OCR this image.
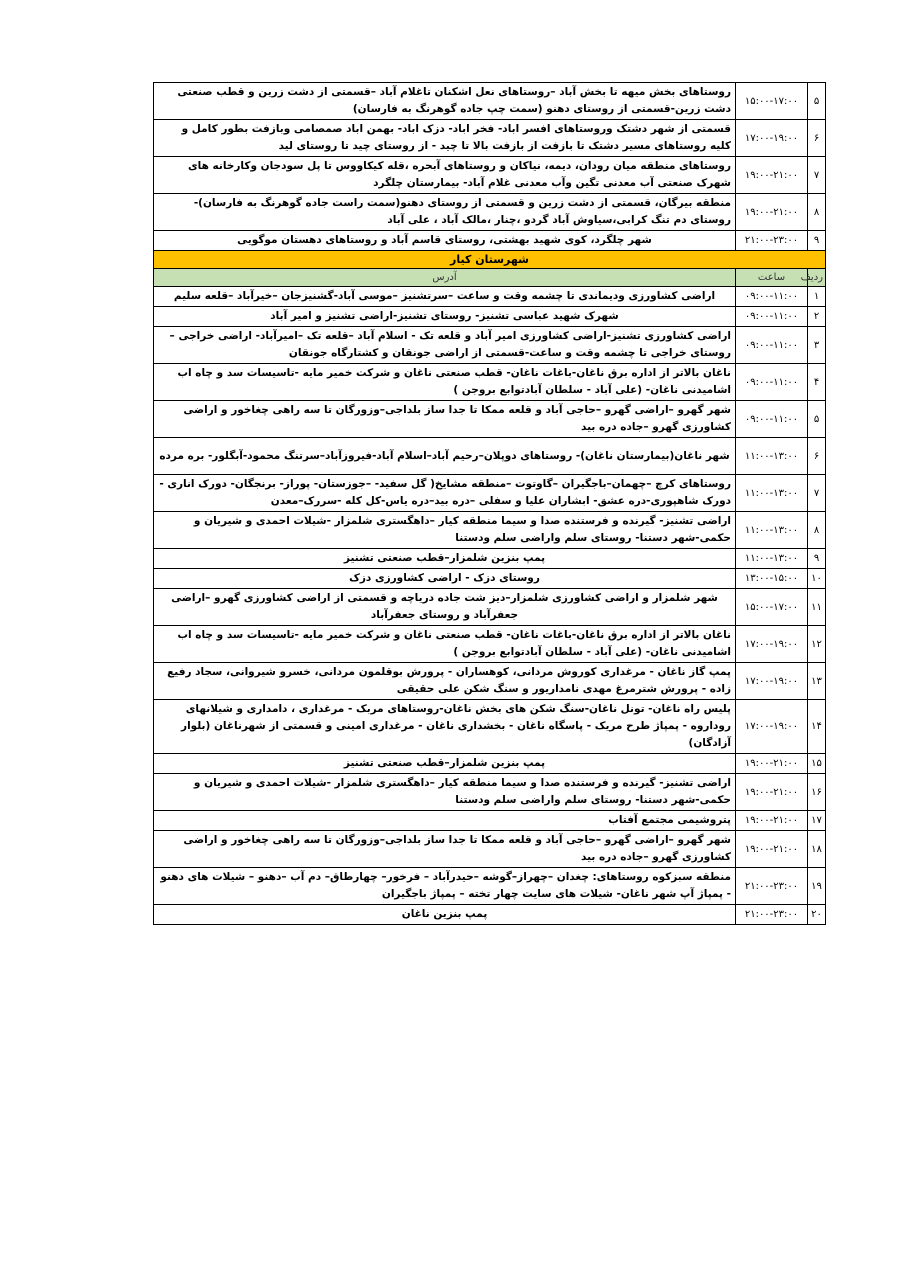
۵	۱۵:۰۰-۱۷:۰۰	روستاهای بخش میهه تا بخش آباد –روستاهای نعل اشکنان تاغلام آباد –قسمتی از دشت زرین و قطب صنعتی دشت زرین-قسمتی از روستای دهنو (سمت چپ جاده گوهرنگ به فارسان)
۶	۱۷:۰۰-۱۹:۰۰	قسمتی از شهر دشتک وروستاهای افسر اباد- فخر اباد- دزک اباد- بهمن اباد صمصامی وبازفت بطور کامل و کلیه روستاهای مسیر دشتک تا بازفت از بازفت بالا تا چید - از روستای چید تا روستای لید
۷	۱۹:۰۰-۲۱:۰۰	روستاهای منطقه میان رودان، دیمه، نیاکان و روستاهای آبحره ،قله کیکاووس تا پل سودجان وکارخانه های شهرک صنعتی آب معدنی تگین وآب معدنی غلام آباد- بیمارستان چلگرد
۸	۱۹:۰۰-۲۱:۰۰	منطقه بیرگان، قسمتی از دشت زرین و قسمتی از روستای دهنو(سمت راست جاده گوهرنگ به فارسان)-روستای دم تنگ کرابی،سیاوش آباد گردو ،چنار ،مالک آباد ، علی آباد
۹	۲۱:۰۰-۲۳:۰۰	شهر چلگرد، کوی شهید بهشتی، روستای قاسم آباد و روستاهای دهستان موگویی
شهرستان کیار		
ردیف	ساعت	آدرس
۱	۰۹:۰۰-۱۱:۰۰	اراضی کشاورزی ودیماندی تا چشمه وقت و ساعت –سرتشنیز –موسی آباد-گشنیزجان –خیرآباد –قلعه سلیم
۲	۰۹:۰۰-۱۱:۰۰	شهرک شهید عباسی تشنیز- روستای تشنیز-اراضی تشنیز و امیر آباد
۳	۰۹:۰۰-۱۱:۰۰	اراضی کشاورزی تشنیز-اراضی کشاورزی امیر آباد و قلعه تک - اسلام آباد –قلعه تک –امیرآباد- اراضی خراجی –روستای خراجی تا چشمه وقت و ساعت-قسمتی از اراضی جونقان و کشتارگاه جونقان
۴	۰۹:۰۰-۱۱:۰۰	ناغان بالاتر از اداره برق ناغان-باغات ناغان- قطب صنعتی ناغان و شرکت خمیر مایه -تاسیسات سد و چاه اب اشامیدنی ناغان- (علی آباد - سلطان آبادتوابع بروجن )
۵	۰۹:۰۰-۱۱:۰۰	شهر گهرو –اراضی گهرو –حاجی آباد و قلعه ممکا تا جدا ساز بلداجی–وزورگان تا سه راهی چغاخور و اراضی کشاورزی گهرو –جاده دره بید
۶	۱۱:۰۰-۱۳:۰۰	شهر ناغان(بیمارستان ناغان)- روستاهای دوپلان–رحیم آباد–اسلام آباد-فیروزآباد–سرتنگ محمود-آبگلور- بره مرده
۷	۱۱:۰۰-۱۳:۰۰	روستاهای کرچ –چهمان–باجگیران –گاوتوت –منطقه مشایخ( گل سفید- –جوزستان- پوراز- برنجگان- دورک اناری - دورک شاهپوری-دره عشق- ابشاران علیا و سفلی –دره بید–دره یاس-کل کله -سررک–معدن
۸	۱۱:۰۰-۱۳:۰۰	اراضی تشنیز- گیرنده و فرستنده صدا و سیما منطقه کیار –داهگستری شلمزار -شیلات احمدی و شیریان و حکمی-شهر دستنا- روستای سلم واراضی سلم ودستنا
۹	۱۱:۰۰-۱۳:۰۰	پمپ بنزین شلمزار–قطب صنعتی تشنیز
۱۰	۱۳:۰۰-۱۵:۰۰	روستای دزک - اراضی کشاورزی دزک
۱۱	۱۵:۰۰-۱۷:۰۰	شهر شلمزار و اراضی کشاورزی شلمزار–دیز شت جاده دریاچه و قسمتی از اراضی کشاورزی گهرو –اراضی جعفرآباد و روستای جعفرآباد
۱۲	۱۷:۰۰-۱۹:۰۰	ناغان بالاتر از اداره برق ناغان-باغات ناغان- قطب صنعتی ناغان و شرکت خمیر مایه -تاسیسات سد و چاه اب اشامیدنی ناغان- (علی آباد - سلطان آبادتوابع بروجن )
۱۳	۱۷:۰۰-۱۹:۰۰	پمپ گاز ناغان - مرغداری کوروش مردانی، کوهساران - پرورش بوقلمون مردانی، خسرو شیروانی، سجاد رفیع زاده - پرورش شترمرغ مهدی نامداریور و سنگ شکن علی حقیقی
۱۴	۱۷:۰۰-۱۹:۰۰	پلیس راه ناغان- تونل ناغان-سنگ شکن های بخش ناغان-روستاهای مربک - مرغداری ، دامداری و شیلانهای روداروه - پمپاژ طرح مریک - پاسگاه ناغان - بخشداری ناغان - مرغداری امینی و قسمتی از شهرناغان (بلوار آزادگان)
۱۵	۱۹:۰۰-۲۱:۰۰	پمپ بنزین شلمزار–قطب صنعتی تشنیز
۱۶	۱۹:۰۰-۲۱:۰۰	اراضی تشنیز- گیرنده و فرستنده صدا و سیما منطقه کیار –داهگستری شلمزار -شیلات احمدی و شیریان و حکمی-شهر دستنا- روستای سلم واراضی سلم ودستنا
۱۷	۱۹:۰۰-۲۱:۰۰	پتروشیمی مجتمع آفتاب
۱۸	۱۹:۰۰-۲۱:۰۰	شهر گهرو –اراضی گهرو –حاجی آباد و قلعه ممکا تا جدا ساز بلداجی–وزورگان تا سه راهی چغاخور و اراضی کشاورزی گهرو –جاده دره بید
۱۹	۲۱:۰۰-۲۳:۰۰	منطقه سبزکوه روستاهای: چغدان –چهراز–گوشه –حیدرآباد – فرخور– چهارطاق– دم آب –دهنو – شیلات های دهنو - پمپاژ آپ شهر ناغان- شیلات های سایت چهار تخته – پمپاژ باجگیران
۲۰	۲۱:۰۰-۲۳:۰۰	پمپ بنزین ناغان
